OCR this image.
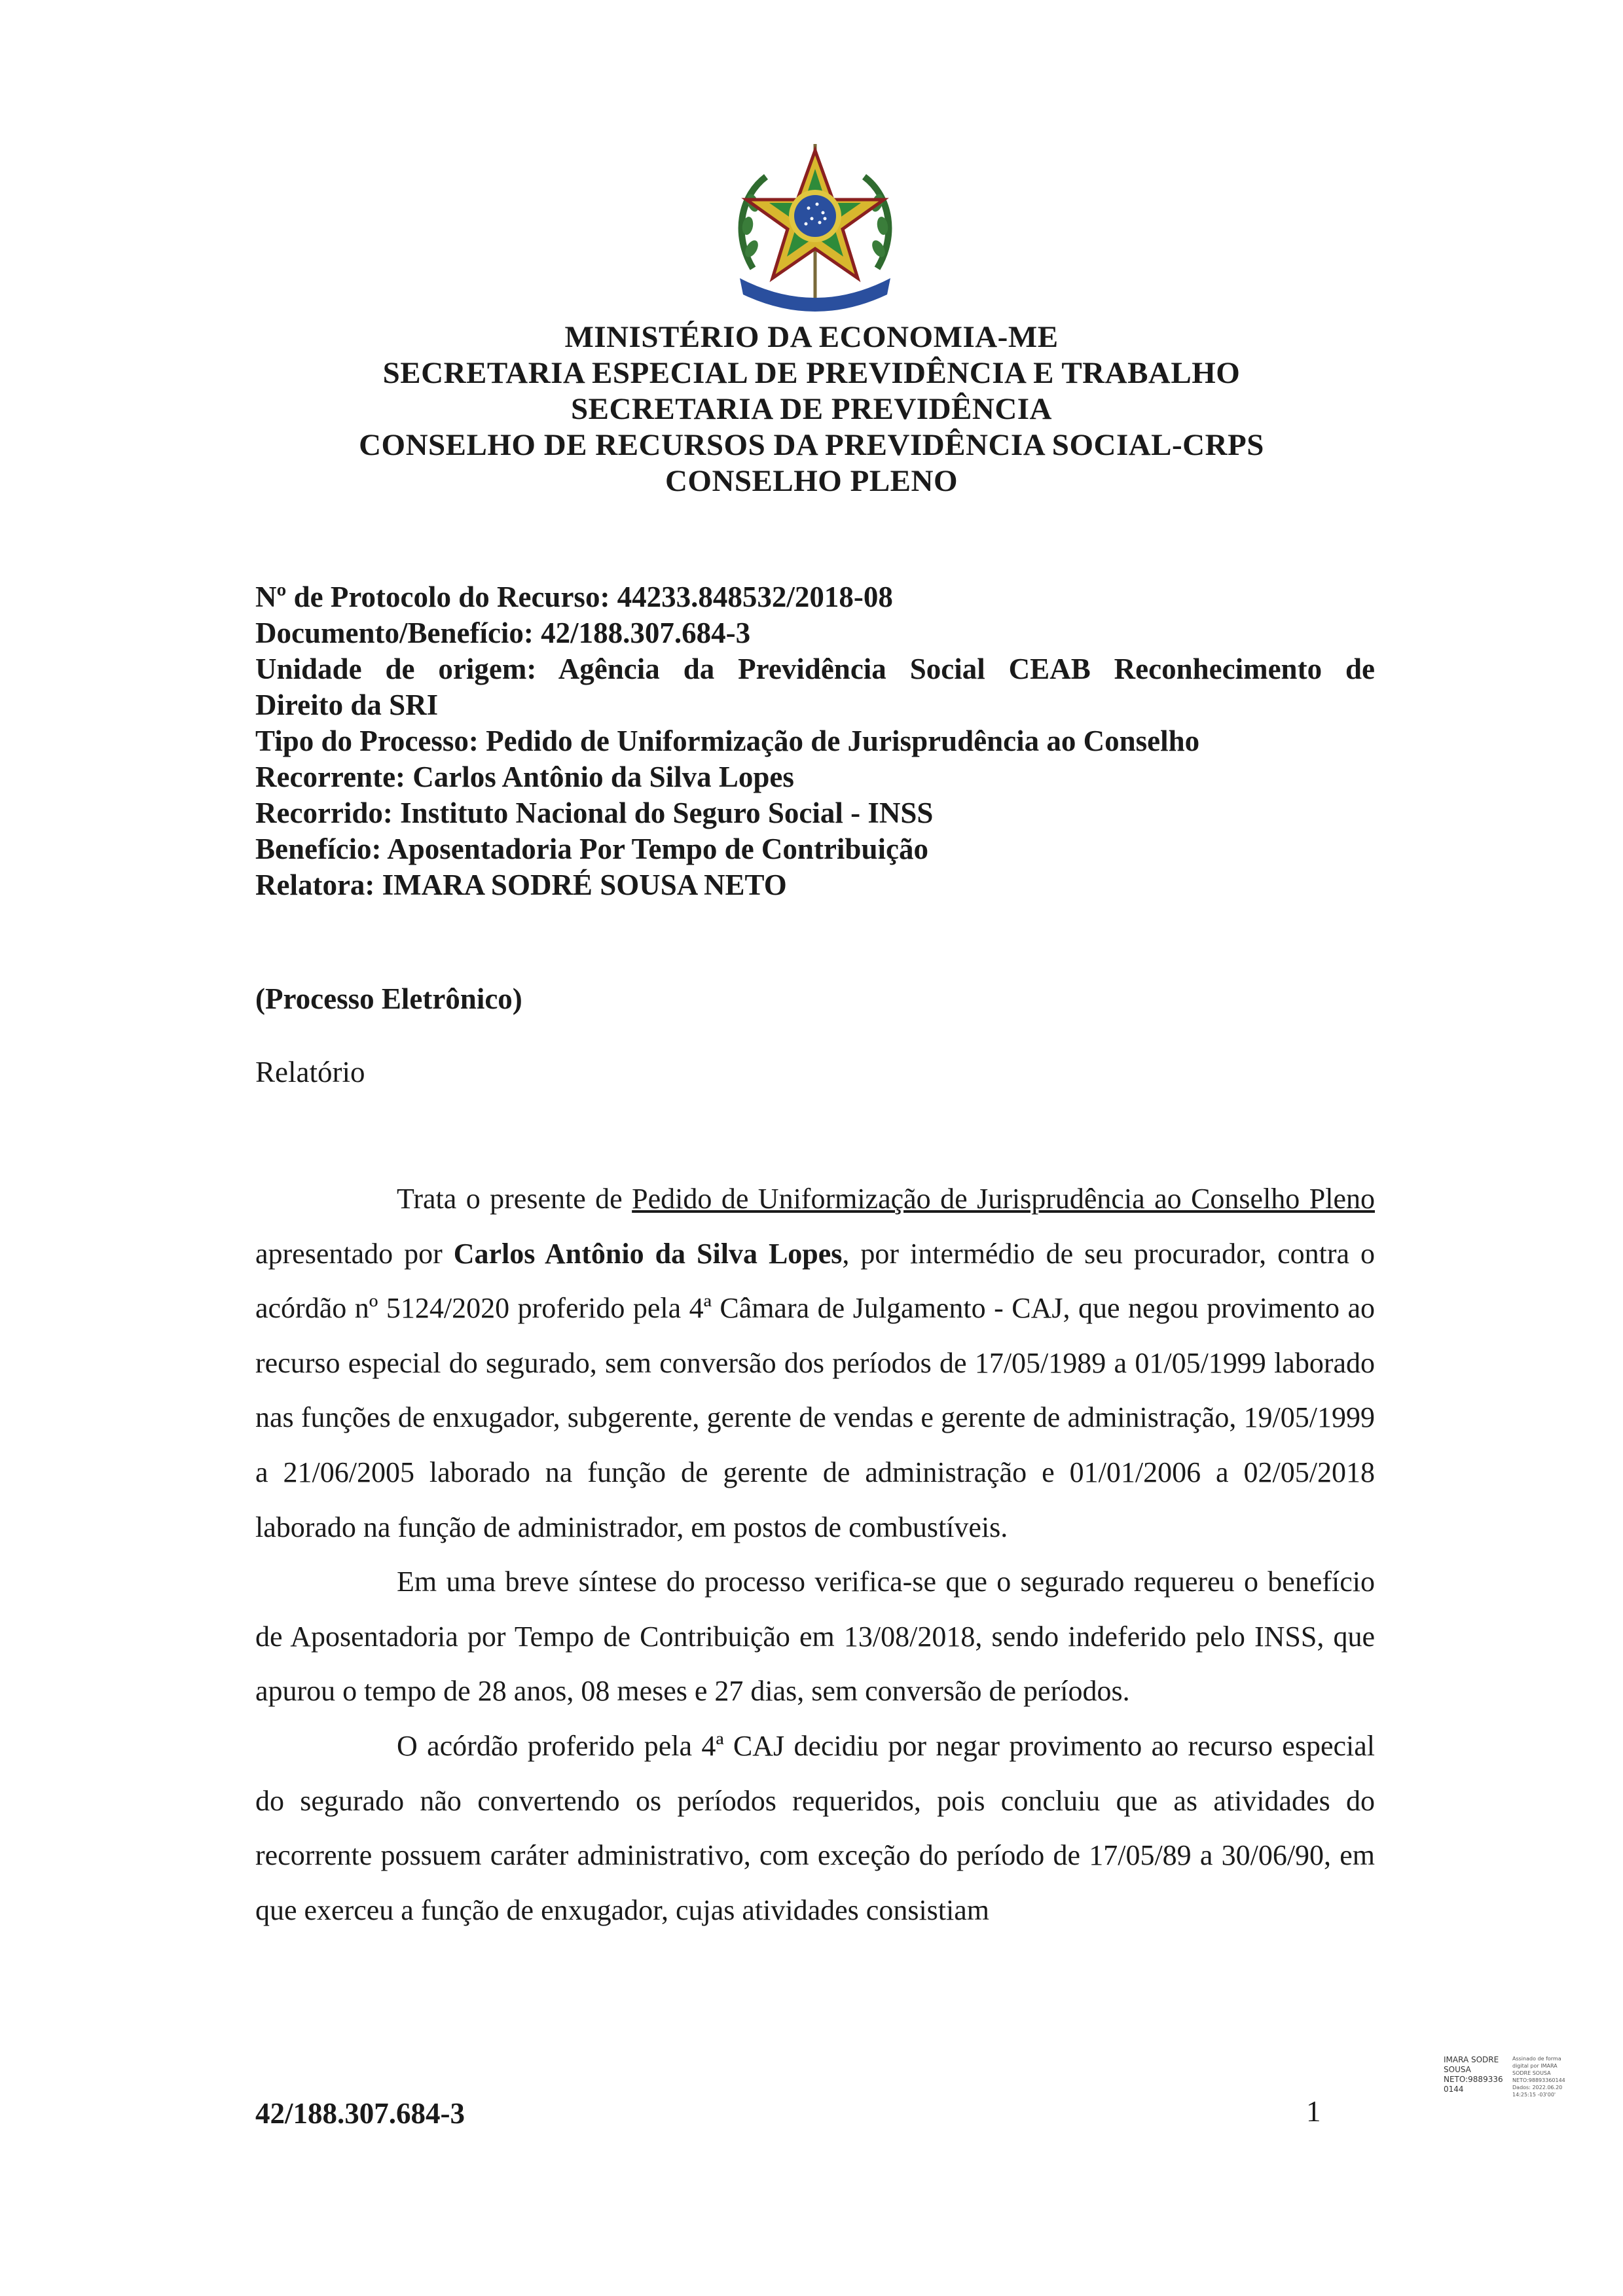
MINISTÉRIO DA ECONOMIA-ME
SECRETARIA ESPECIAL DE PREVIDÊNCIA E TRABALHO
SECRETARIA DE PREVIDÊNCIA
CONSELHO DE RECURSOS DA PREVIDÊNCIA SOCIAL-CRPS
CONSELHO PLENO
Nº de Protocolo do Recurso: 44233.848532/2018-08
Documento/Benefício: 42/188.307.684-3
Unidade de origem: Agência da Previdência Social CEAB Reconhecimento de
Direito da SRI
Tipo do Processo: Pedido de Uniformização de Jurisprudência ao Conselho
Recorrente: Carlos Antônio da Silva Lopes
Recorrido: Instituto Nacional do Seguro Social - INSS
Benefício: Aposentadoria Por Tempo de Contribuição
Relatora: IMARA SODRÉ SOUSA NETO
(Processo Eletrônico)
Relatório

Trata o presente de Pedido de Uniformização de Jurisprudência ao Conselho Pleno apresentado por Carlos Antônio da Silva Lopes, por intermédio de seu procurador, contra o acórdão nº 5124/2020 proferido pela 4ª Câmara de Julgamento - CAJ, que negou provimento ao recurso especial do segurado, sem conversão dos períodos de 17/05/1989 a 01/05/1999 laborado nas funções de enxugador, subgerente, gerente de vendas e gerente de administração, 19/05/1999 a 21/06/2005 laborado na função de gerente de administração e 01/01/2006 a 02/05/2018 laborado na função de administrador, em postos de combustíveis.

Em uma breve síntese do processo verifica-se que o segurado requereu o benefício de Aposentadoria por Tempo de Contribuição em 13/08/2018, sendo indeferido pelo INSS, que apurou o tempo de 28 anos, 08 meses e 27 dias, sem conversão de períodos.

O acórdão proferido pela 4ª CAJ decidiu por negar provimento ao recurso especial do segurado não convertendo os períodos requeridos, pois concluiu que as atividades do recorrente possuem caráter administrativo, com exceção do período de 17/05/89 a 30/06/90, em que exerceu a função de enxugador, cujas atividades consistiam

42/188.307.684-3	1
IMARA SODRE
SOUSA
NETO:9889336
0144
Assinado de forma
digital por IMARA
SODRE SOUSA
NETO:98893360144
Dados: 2022.06.20
14:25:15 -03'00'
